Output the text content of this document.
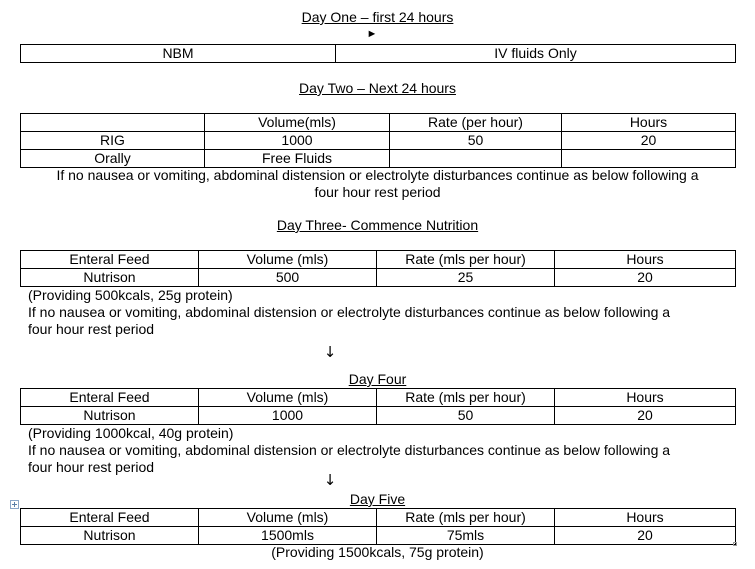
Day One – first 24 hours
►
NBM	IV fluids Only
Day Two – Next 24 hours
	Volume(mls)	Rate (per hour)	Hours
RIG	1000	50	20
Orally	Free Fluids		
If no nausea or vomiting, abdominal distension or electrolyte disturbances continue as below following a
four hour rest period
Day Three- Commence Nutrition
Enteral Feed	Volume (mls)	Rate (mls per hour)	Hours
Nutrison	500	25	20
(Providing 500kcals, 25g protein)
If no nausea or vomiting, abdominal distension or electrolyte disturbances continue as below following a
four hour rest period
↓
Day Four
Enteral Feed	Volume (mls)	Rate (mls per hour)	Hours
Nutrison	1000	50	20
(Providing 1000kcal, 40g protein)
If no nausea or vomiting, abdominal distension or electrolyte disturbances continue as below following a
four hour rest period
↓
Day Five
Enteral Feed	Volume (mls)	Rate (mls per hour)	Hours
Nutrison	1500mls	75mls	20
(Providing 1500kcals, 75g protein)
